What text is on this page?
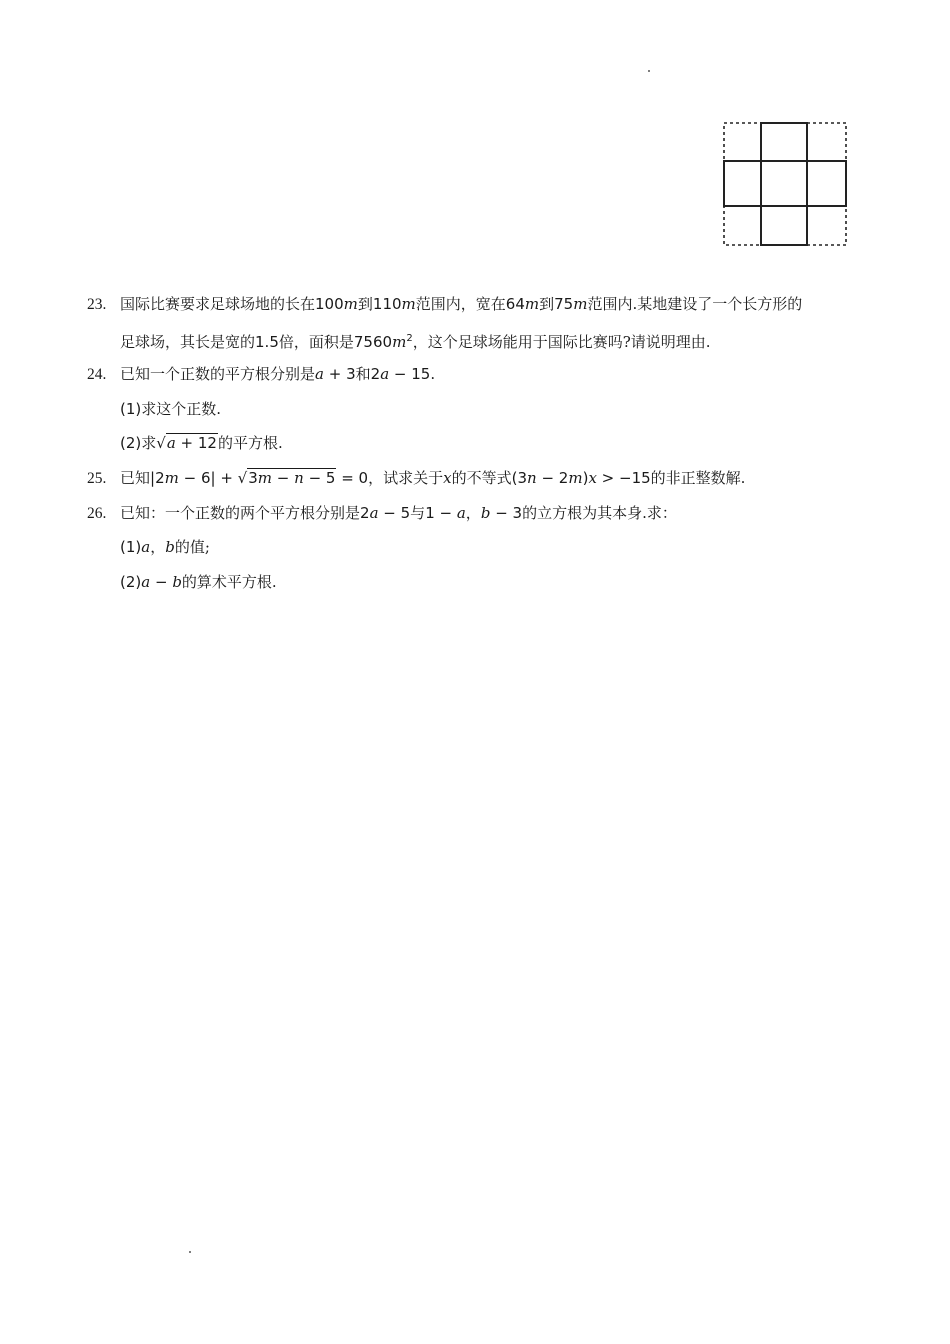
23. 国际比赛要求足球场地的长在100m到110m范围内，宽在64m到75m范围内.某地建设了一个长方形的
足球场，其长是宽的1.5倍，面积是$7560m^2$，这个足球场能用于国际比赛吗?请说明理由.
24. 已知一个正数的平方根分别是a + 3和2a − 15.
(1)求这个正数.
(2)求√a + 12的平方根.
25. 已知|2m − 6| + √3m − n − 5 = 0，试求关于x的不等式(3n − 2m)x > −15的非正整数解.
26. 已知：一个正数的两个平方根分别是2a − 5与1 − a，b − 3的立方根为其本身.求：
(1)a，b的值;
(2)a − b的算术平方根.
